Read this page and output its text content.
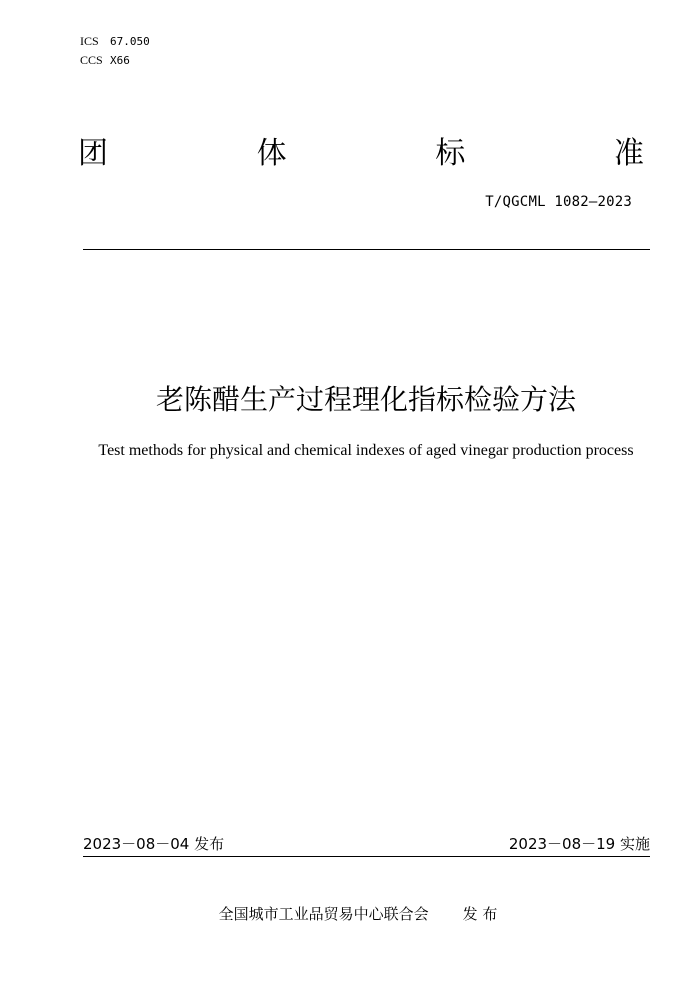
ICS 67.050
CCS X66
团	体	标	准
T/QGCML 1082—2023
老陈醋生产过程理化指标检验方法
Test methods for physical and chemical indexes of aged vinegar production process
2023－08－04 发布	2023－08－19 实施
全国城市工业品贸易中心联合会 发 布
